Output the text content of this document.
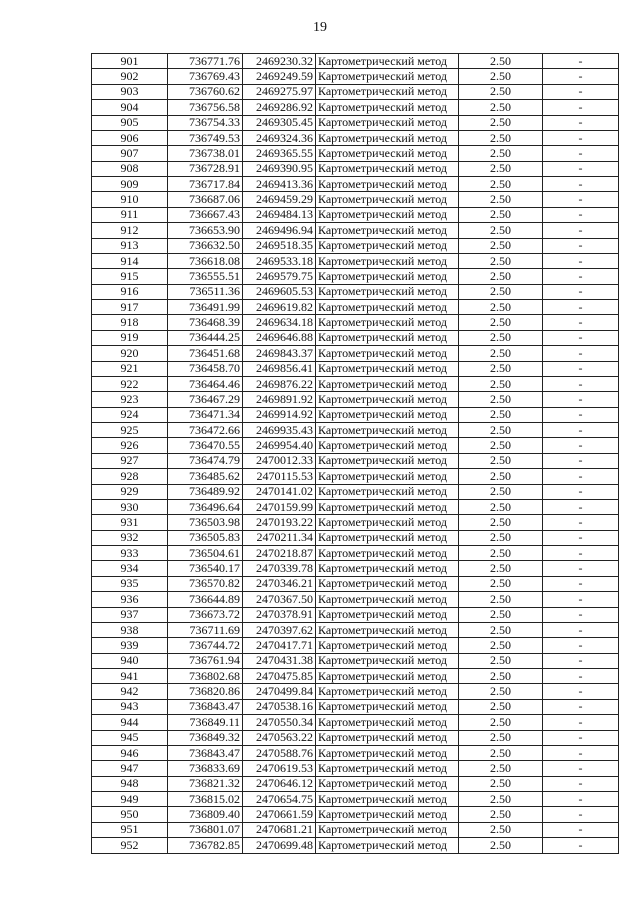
19
901	736771.76	2469230.32	Картометрический метод	2.50	-
902	736769.43	2469249.59	Картометрический метод	2.50	-
903	736760.62	2469275.97	Картометрический метод	2.50	-
904	736756.58	2469286.92	Картометрический метод	2.50	-
905	736754.33	2469305.45	Картометрический метод	2.50	-
906	736749.53	2469324.36	Картометрический метод	2.50	-
907	736738.01	2469365.55	Картометрический метод	2.50	-
908	736728.91	2469390.95	Картометрический метод	2.50	-
909	736717.84	2469413.36	Картометрический метод	2.50	-
910	736687.06	2469459.29	Картометрический метод	2.50	-
911	736667.43	2469484.13	Картометрический метод	2.50	-
912	736653.90	2469496.94	Картометрический метод	2.50	-
913	736632.50	2469518.35	Картометрический метод	2.50	-
914	736618.08	2469533.18	Картометрический метод	2.50	-
915	736555.51	2469579.75	Картометрический метод	2.50	-
916	736511.36	2469605.53	Картометрический метод	2.50	-
917	736491.99	2469619.82	Картометрический метод	2.50	-
918	736468.39	2469634.18	Картометрический метод	2.50	-
919	736444.25	2469646.88	Картометрический метод	2.50	-
920	736451.68	2469843.37	Картометрический метод	2.50	-
921	736458.70	2469856.41	Картометрический метод	2.50	-
922	736464.46	2469876.22	Картометрический метод	2.50	-
923	736467.29	2469891.92	Картометрический метод	2.50	-
924	736471.34	2469914.92	Картометрический метод	2.50	-
925	736472.66	2469935.43	Картометрический метод	2.50	-
926	736470.55	2469954.40	Картометрический метод	2.50	-
927	736474.79	2470012.33	Картометрический метод	2.50	-
928	736485.62	2470115.53	Картометрический метод	2.50	-
929	736489.92	2470141.02	Картометрический метод	2.50	-
930	736496.64	2470159.99	Картометрический метод	2.50	-
931	736503.98	2470193.22	Картометрический метод	2.50	-
932	736505.83	2470211.34	Картометрический метод	2.50	-
933	736504.61	2470218.87	Картометрический метод	2.50	-
934	736540.17	2470339.78	Картометрический метод	2.50	-
935	736570.82	2470346.21	Картометрический метод	2.50	-
936	736644.89	2470367.50	Картометрический метод	2.50	-
937	736673.72	2470378.91	Картометрический метод	2.50	-
938	736711.69	2470397.62	Картометрический метод	2.50	-
939	736744.72	2470417.71	Картометрический метод	2.50	-
940	736761.94	2470431.38	Картометрический метод	2.50	-
941	736802.68	2470475.85	Картометрический метод	2.50	-
942	736820.86	2470499.84	Картометрический метод	2.50	-
943	736843.47	2470538.16	Картометрический метод	2.50	-
944	736849.11	2470550.34	Картометрический метод	2.50	-
945	736849.32	2470563.22	Картометрический метод	2.50	-
946	736843.47	2470588.76	Картометрический метод	2.50	-
947	736833.69	2470619.53	Картометрический метод	2.50	-
948	736821.32	2470646.12	Картометрический метод	2.50	-
949	736815.02	2470654.75	Картометрический метод	2.50	-
950	736809.40	2470661.59	Картометрический метод	2.50	-
951	736801.07	2470681.21	Картометрический метод	2.50	-
952	736782.85	2470699.48	Картометрический метод	2.50	-
